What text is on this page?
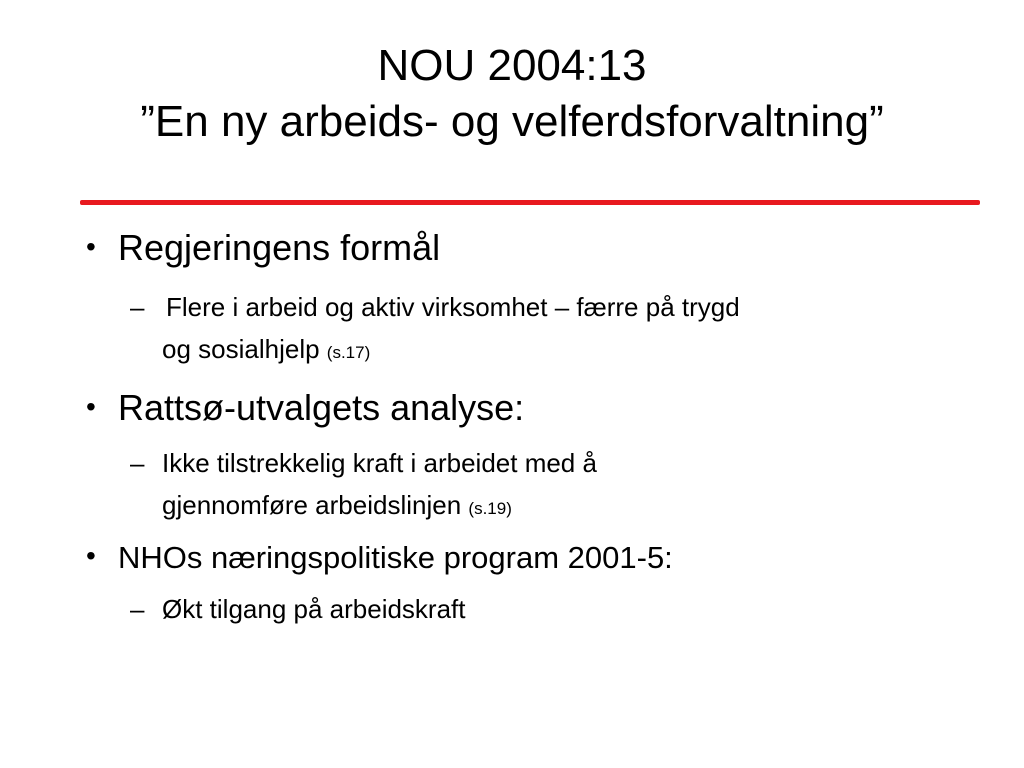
NOU 2004:13
”En ny arbeids- og velferdsforvaltning”
• Regjeringens formål
– Flere i arbeid og aktiv virksomhet – færre på trygd
og sosialhjelp (s.17)
• Rattsø-utvalgets analyse:
– Ikke tilstrekkelig kraft i arbeidet med å
gjennomføre arbeidslinjen (s.19)
• NHOs næringspolitiske program 2001-5:
– Økt tilgang på arbeidskraft
